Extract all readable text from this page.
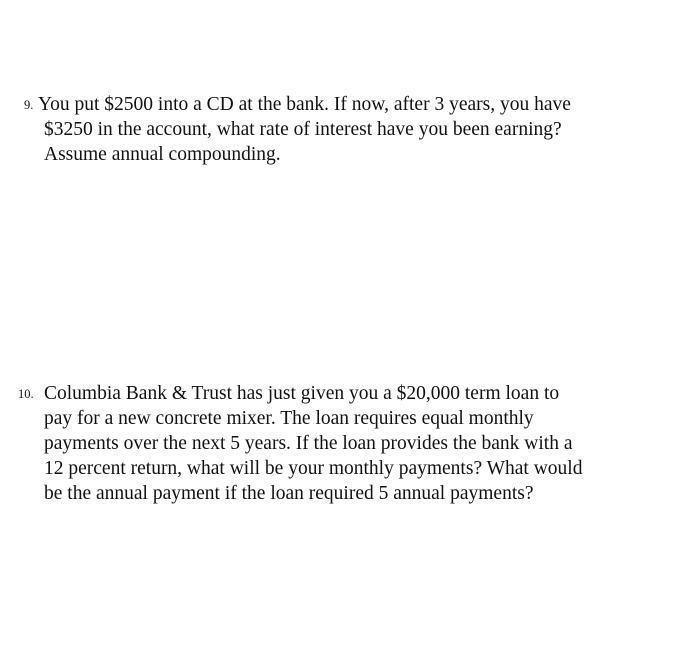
9. You put $2500 into a CD at the bank. If now, after 3 years, you have
$3250 in the account, what rate of interest have you been earning?
Assume annual compounding.
10. Columbia Bank & Trust has just given you a $20,000 term loan to
pay for a new concrete mixer. The loan requires equal monthly
payments over the next 5 years. If the loan provides the bank with a
12 percent return, what will be your monthly payments? What would
be the annual payment if the loan required 5 annual payments?
